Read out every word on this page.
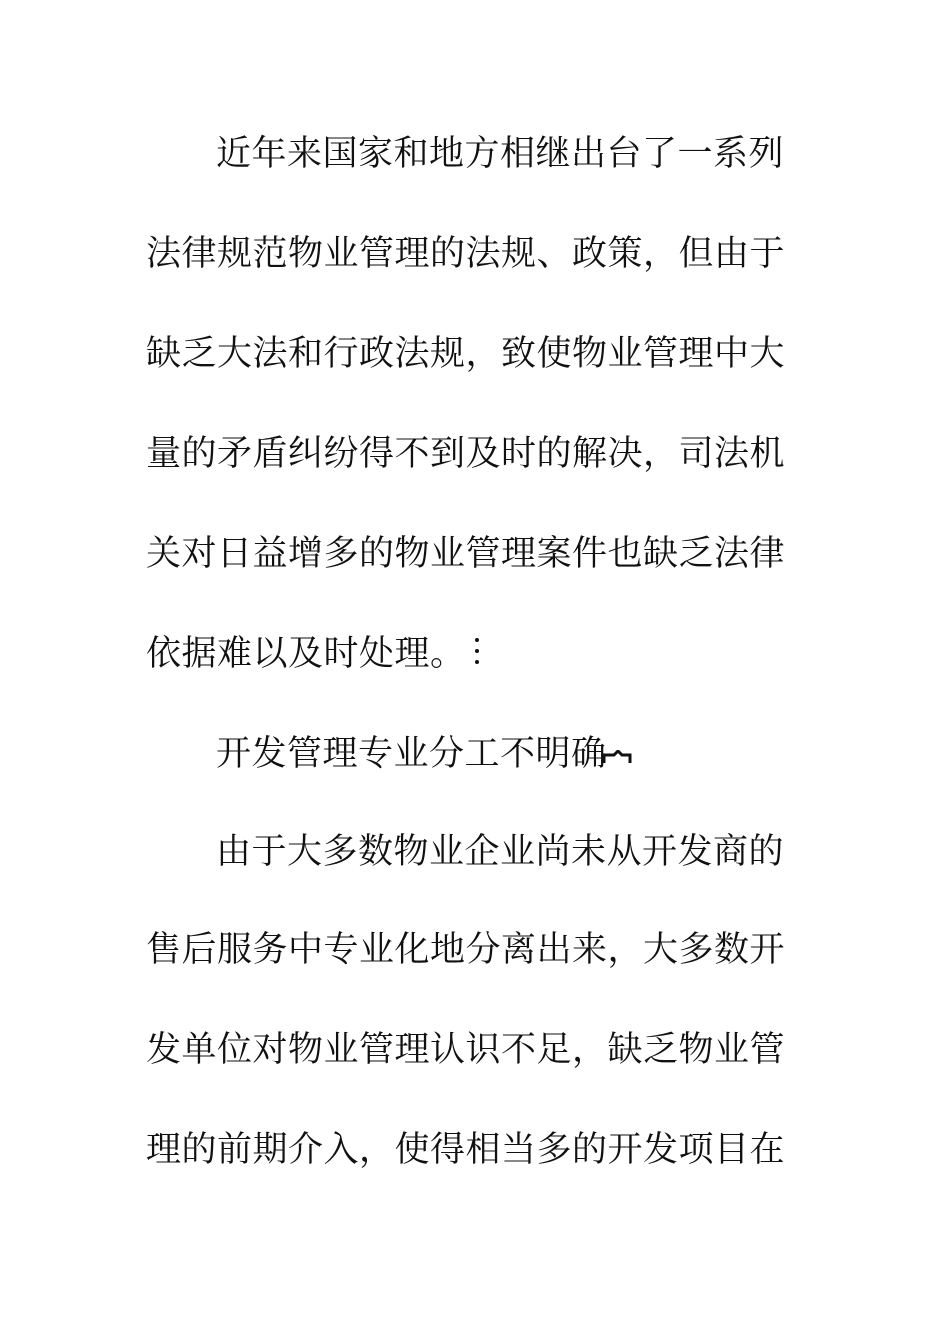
近年来国家和地方相继出台了一系列
法律规范物业管理的法规、政策，但由于
缺乏大法和行政法规，致使物业管理中大
量的矛盾纠纷得不到及时的解决，司法机
关对日益增多的物业管理案件也缺乏法律
依据难以及时处理。
开发管理专业分工不明确
由于大多数物业企业尚未从开发商的
售后服务中专业化地分离出来，大多数开
发单位对物业管理认识不足，缺乏物业管
理的前期介入，使得相当多的开发项目在
